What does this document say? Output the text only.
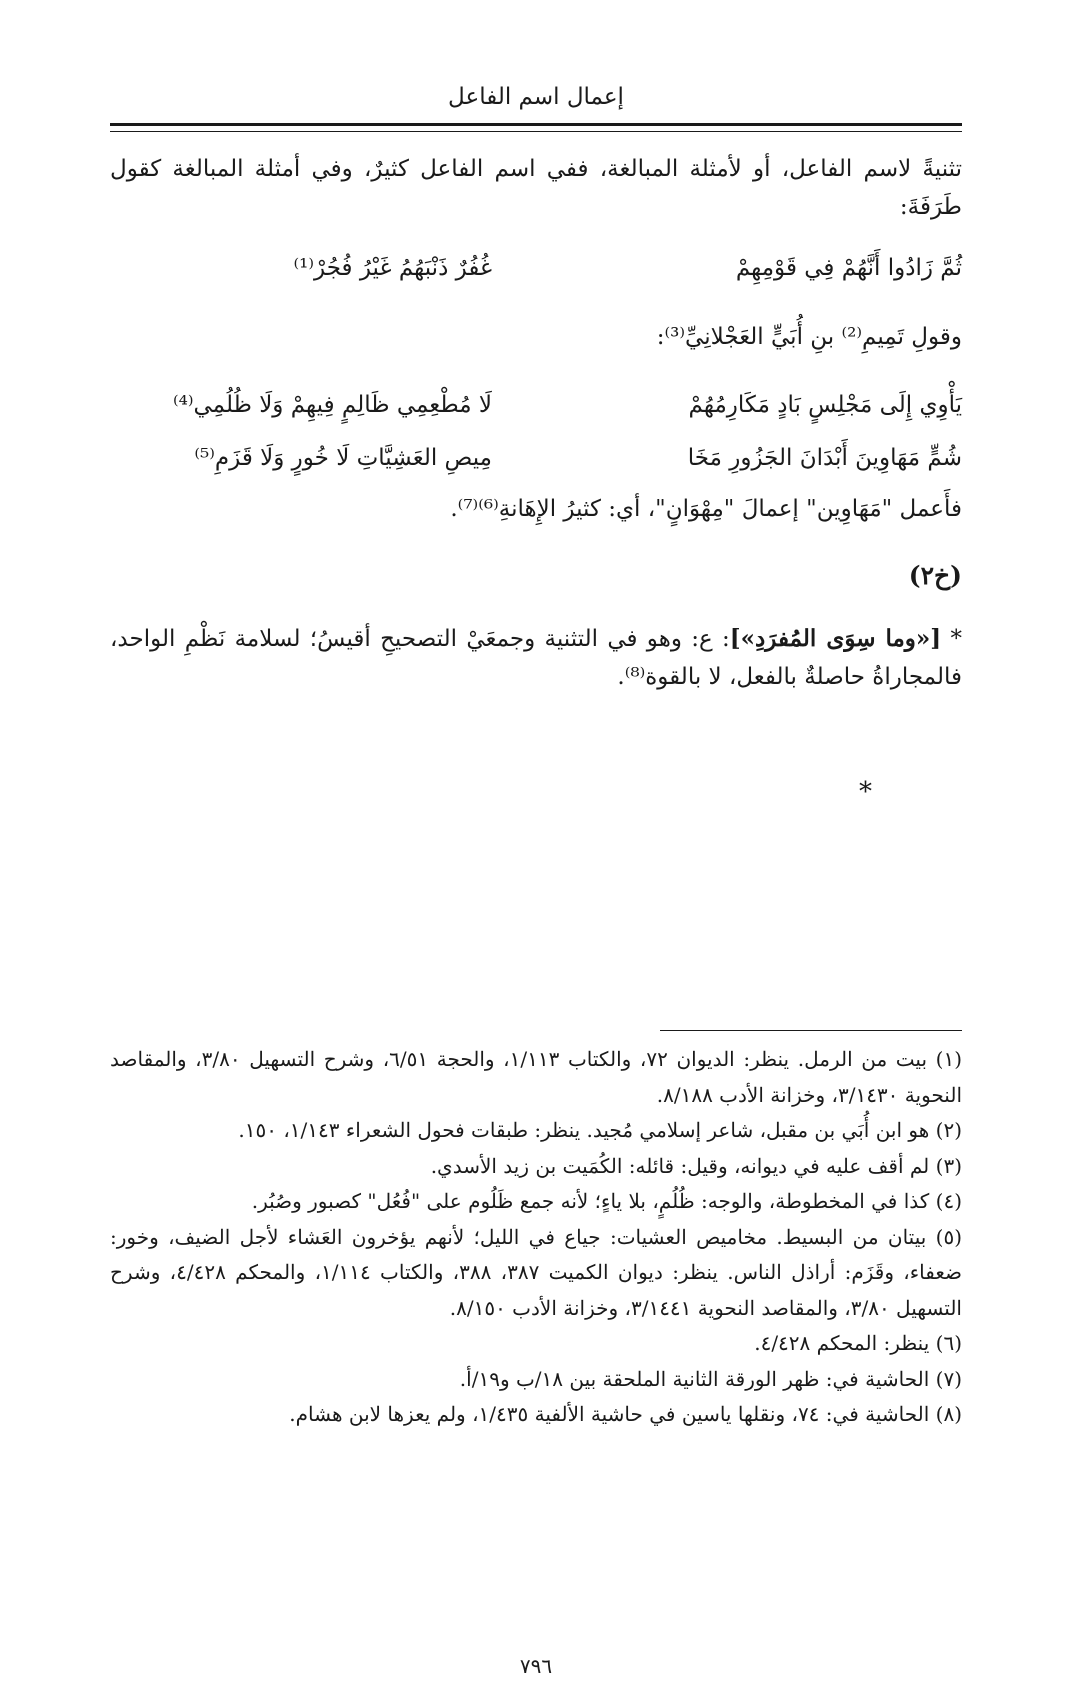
إعمال اسم الفاعل
تثنيةً لاسم الفاعل، أو لأمثلة المبالغة، ففي اسم الفاعل كثيرٌ، وفي أمثلة المبالغة كقول طَرَفَةَ:
ثُمَّ زَادُوا أَنَّهُمْ فِي قَوْمِهِمْ
غُفُرٌ ذَنْبَهُمُ غَيْرُ فُجُرْ⁽¹⁾
وقولِ تَمِيمِ⁽²⁾ بنِ أُبَيٍّ العَجْلانِيِّ⁽³⁾:
يَأْوِي إِلَى مَجْلِسٍ بَادٍ مَكَارِمُهُمْ
لَا مُطْعِمِي ظَالِمٍ فِيهِمْ وَلَا ظُلُمِي⁽⁴⁾
شُمٍّ مَهَاوِينَ أَبْدَانَ الجَزُورِ مَخَا
مِيصِ العَشِيَّاتِ لَا خُورٍ وَلَا قَزَمِ⁽⁵⁾
فأَعمل "مَهَاوِين" إعمالَ "مِهْوَانٍ"، أي: كثيرُ الإِهَانةِ⁽⁶⁾⁽⁷⁾.
(خ٢)
* [«وما سِوَى المُفرَدِ»]: ع: وهو في التثنية وجمعَيْ التصحيحِ أقيسُ؛ لسلامة نَظْمِ الواحد، فالمجاراةُ حاصلةٌ بالفعل، لا بالقوة⁽⁸⁾.
*

(١) بيت من الرمل. ينظر: الديوان ٧٢، والكتاب ١/١١٣، والحجة ٦/٥١، وشرح التسهيل ٣/٨٠، والمقاصد النحوية ٣/١٤٣٠، وخزانة الأدب ٨/١٨٨.

(٢) هو ابن أُبَي بن مقبل، شاعر إسلامي مُجيد. ينظر: طبقات فحول الشعراء ١/١٤٣، ١٥٠.

(٣) لم أقف عليه في ديوانه، وقيل: قائله: الكُمَيت بن زيد الأسدي.

(٤) كذا في المخطوطة، والوجه: ظُلُمٍ، بلا ياءٍ؛ لأنه جمع ظَلُوم على "فُعُل" كصبور وصُبُر.

(٥) بيتان من البسيط. مخاميص العشيات: جياع في الليل؛ لأنهم يؤخرون العَشاء لأجل الضيف، وخور: ضعفاء، وقَزَم: أراذل الناس. ينظر: ديوان الكميت ٣٨٧، ٣٨٨، والكتاب ١/١١٤، والمحكم ٤/٤٢٨، وشرح التسهيل ٣/٨٠، والمقاصد النحوية ٣/١٤٤١، وخزانة الأدب ٨/١٥٠.

(٦) ينظر: المحكم ٤/٤٢٨.

(٧) الحاشية في: ظهر الورقة الثانية الملحقة بين ١٨/ب و١٩/أ.

(٨) الحاشية في: ٧٤، ونقلها ياسين في حاشية الألفية ١/٤٣٥، ولم يعزها لابن هشام.

٧٩٦
